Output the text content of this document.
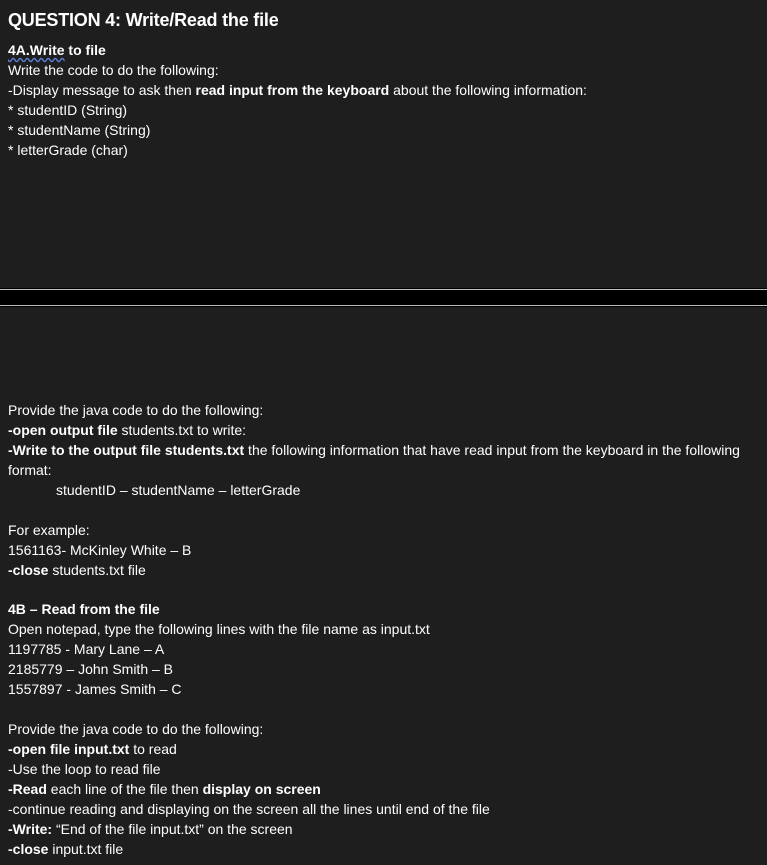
QUESTION 4: Write/Read the file
4A.Write to file
Write the code to do the following:
-Display message to ask then read input from the keyboard about the following information:
* studentID (String)
* studentName (String)
* letterGrade (char)
Provide the java code to do the following:
-open output file students.txt to write:
-Write to the output file students.txt the following information that have read input from the keyboard in the following format:
studentID – studentName – letterGrade
For example:
1561163- McKinley White – B
-close students.txt file
4B – Read from the file
Open notepad, type the following lines with the file name as input.txt
1197785 - Mary Lane – A
2185779 – John Smith – B
1557897 - James Smith – C
Provide the java code to do the following:
-open file input.txt to read
-Use the loop to read file
-Read each line of the file then display on screen
-continue reading and displaying on the screen all the lines until end of the file
-Write: “End of the file input.txt” on the screen
-close input.txt file
